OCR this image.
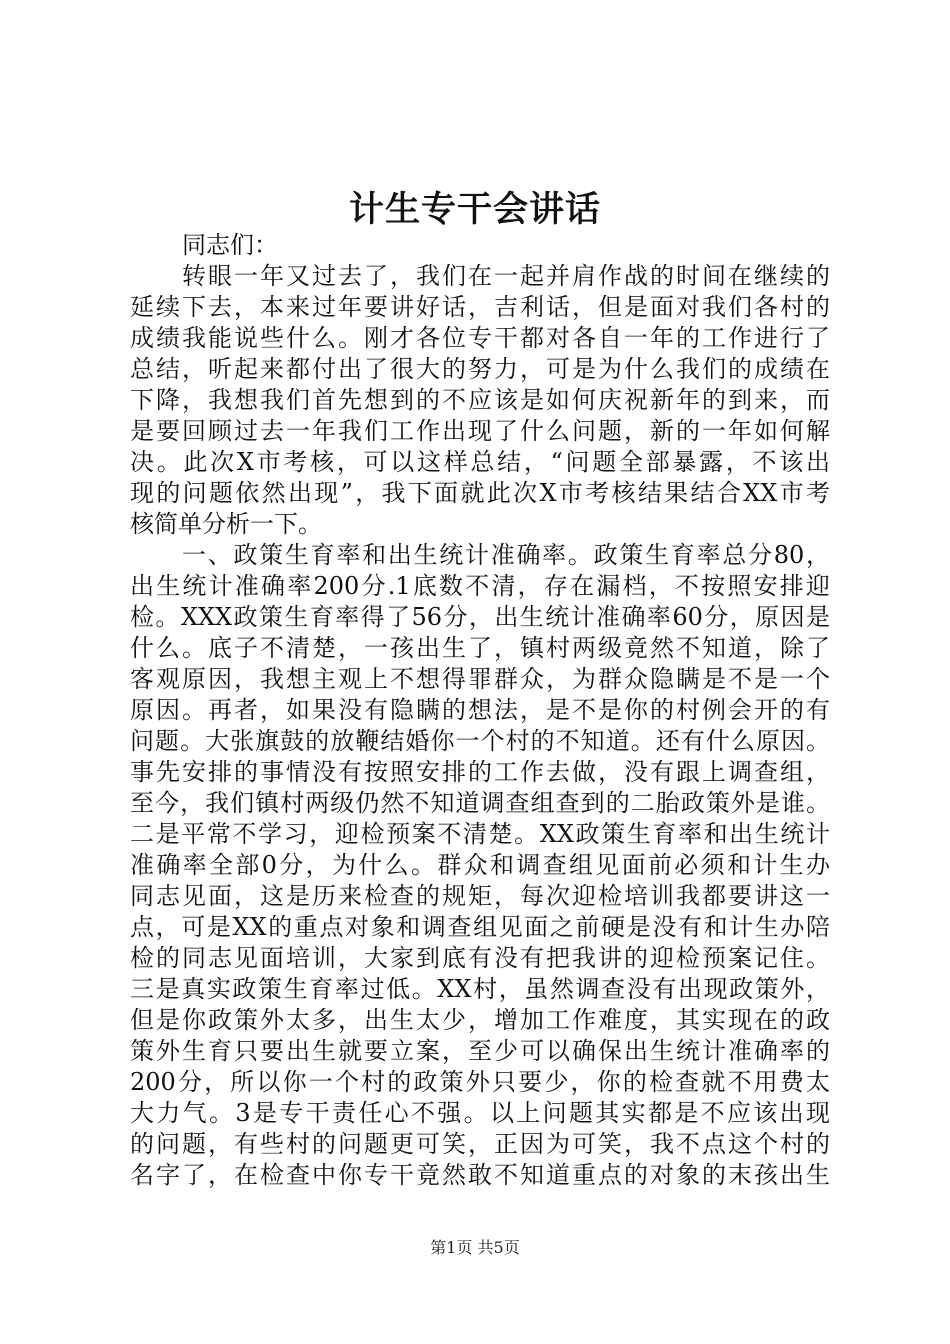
计生专干会讲话
同志们：
转眼一年又过去了，我们在一起并肩作战的时间在继续的
延续下去，本来过年要讲好话，吉利话，但是面对我们各村的
成绩我能说些什么。刚才各位专干都对各自一年的工作进行了
总结，听起来都付出了很大的努力，可是为什么我们的成绩在
下降，我想我们首先想到的不应该是如何庆祝新年的到来，而
是要回顾过去一年我们工作出现了什么问题，新的一年如何解
决。此次X市考核，可以这样总结，“问题全部暴露，不该出
现的问题依然出现”，我下面就此次X市考核结果结合XX市考
核简单分析一下。
一、政策生育率和出生统计准确率。政策生育率总分80，
出生统计准确率200分.1底数不清，存在漏档，不按照安排迎
检。XXX政策生育率得了56分，出生统计准确率60分，原因是
什么。底子不清楚，一孩出生了，镇村两级竟然不知道，除了
客观原因，我想主观上不想得罪群众，为群众隐瞒是不是一个
原因。再者，如果没有隐瞒的想法，是不是你的村例会开的有
问题。大张旗鼓的放鞭结婚你一个村的不知道。还有什么原因。
事先安排的事情没有按照安排的工作去做，没有跟上调查组，
至今，我们镇村两级仍然不知道调查组查到的二胎政策外是谁。
二是平常不学习，迎检预案不清楚。XX政策生育率和出生统计
准确率全部0分，为什么。群众和调查组见面前必须和计生办
同志见面，这是历来检查的规矩，每次迎检培训我都要讲这一
点，可是XX的重点对象和调查组见面之前硬是没有和计生办陪
检的同志见面培训，大家到底有没有把我讲的迎检预案记住。
三是真实政策生育率过低。XX村，虽然调查没有出现政策外，
但是你政策外太多，出生太少，增加工作难度，其实现在的政
策外生育只要出生就要立案，至少可以确保出生统计准确率的
200分，所以你一个村的政策外只要少，你的检查就不用费太
大力气。3是专干责任心不强。以上问题其实都是不应该出现
的问题，有些村的问题更可笑，正因为可笑，我不点这个村的
名字了，在检查中你专干竟然敢不知道重点的对象的末孩出生
第1页 共5页
